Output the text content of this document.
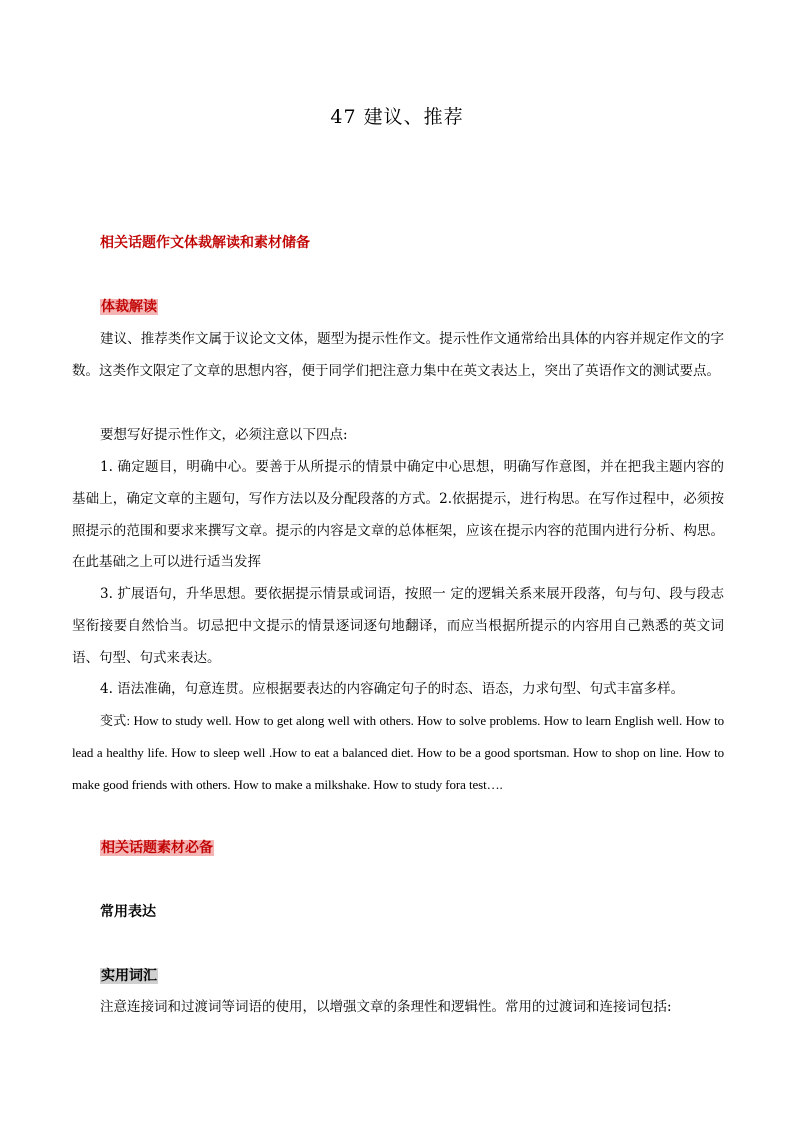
47 建议、推荐
相关话题作文体裁解读和素材储备
体裁解读

建议、推荐类作文属于议论文文体，题型为提示性作文。提示性作文通常给出具体的内容并规定作文的字数。这类作文限定了文章的思想内容，便于同学们把注意力集中在英文表达上，突出了英语作文的测试要点。

要想写好提示性作文，必须注意以下四点:

1. 确定题目，明确中心。要善于从所提示的情景中确定中心思想，明确写作意图，并在把我主题内容的基础上，确定文章的主题句，写作方法以及分配段落的方式。2.依据提示，进行构思。在写作过程中，必须按照提示的范围和要求来撰写文章。提示的内容是文章的总体框架，应该在提示内容的范围内进行分析、构思。在此基础之上可以进行适当发挥

3. 扩展语句，升华思想。要依据提示情景或词语，按照一 定的逻辑关系来展开段落，句与句、段与段志坚衔接要自然恰当。切忌把中文提示的情景逐词逐句地翻译，而应当根据所提示的内容用自己熟悉的英文词语、句型、句式来表达。

4. 语法准确，句意连贯。应根据要表达的内容确定句子的时态、语态，力求句型、句式丰富多样。

变式: How to study well. How to get along well with others. How to solve problems. How to learn English well. How to lead a healthy life. How to sleep well .How to eat a balanced diet. How to be a good sportsman. How to shop on line. How to make good friends with others. How to make a milkshake. How to study fora test….

相关话题素材必备
常用表达
实用词汇

注意连接词和过渡词等词语的使用，以增强文章的条理性和逻辑性。常用的过渡词和连接词包括:
